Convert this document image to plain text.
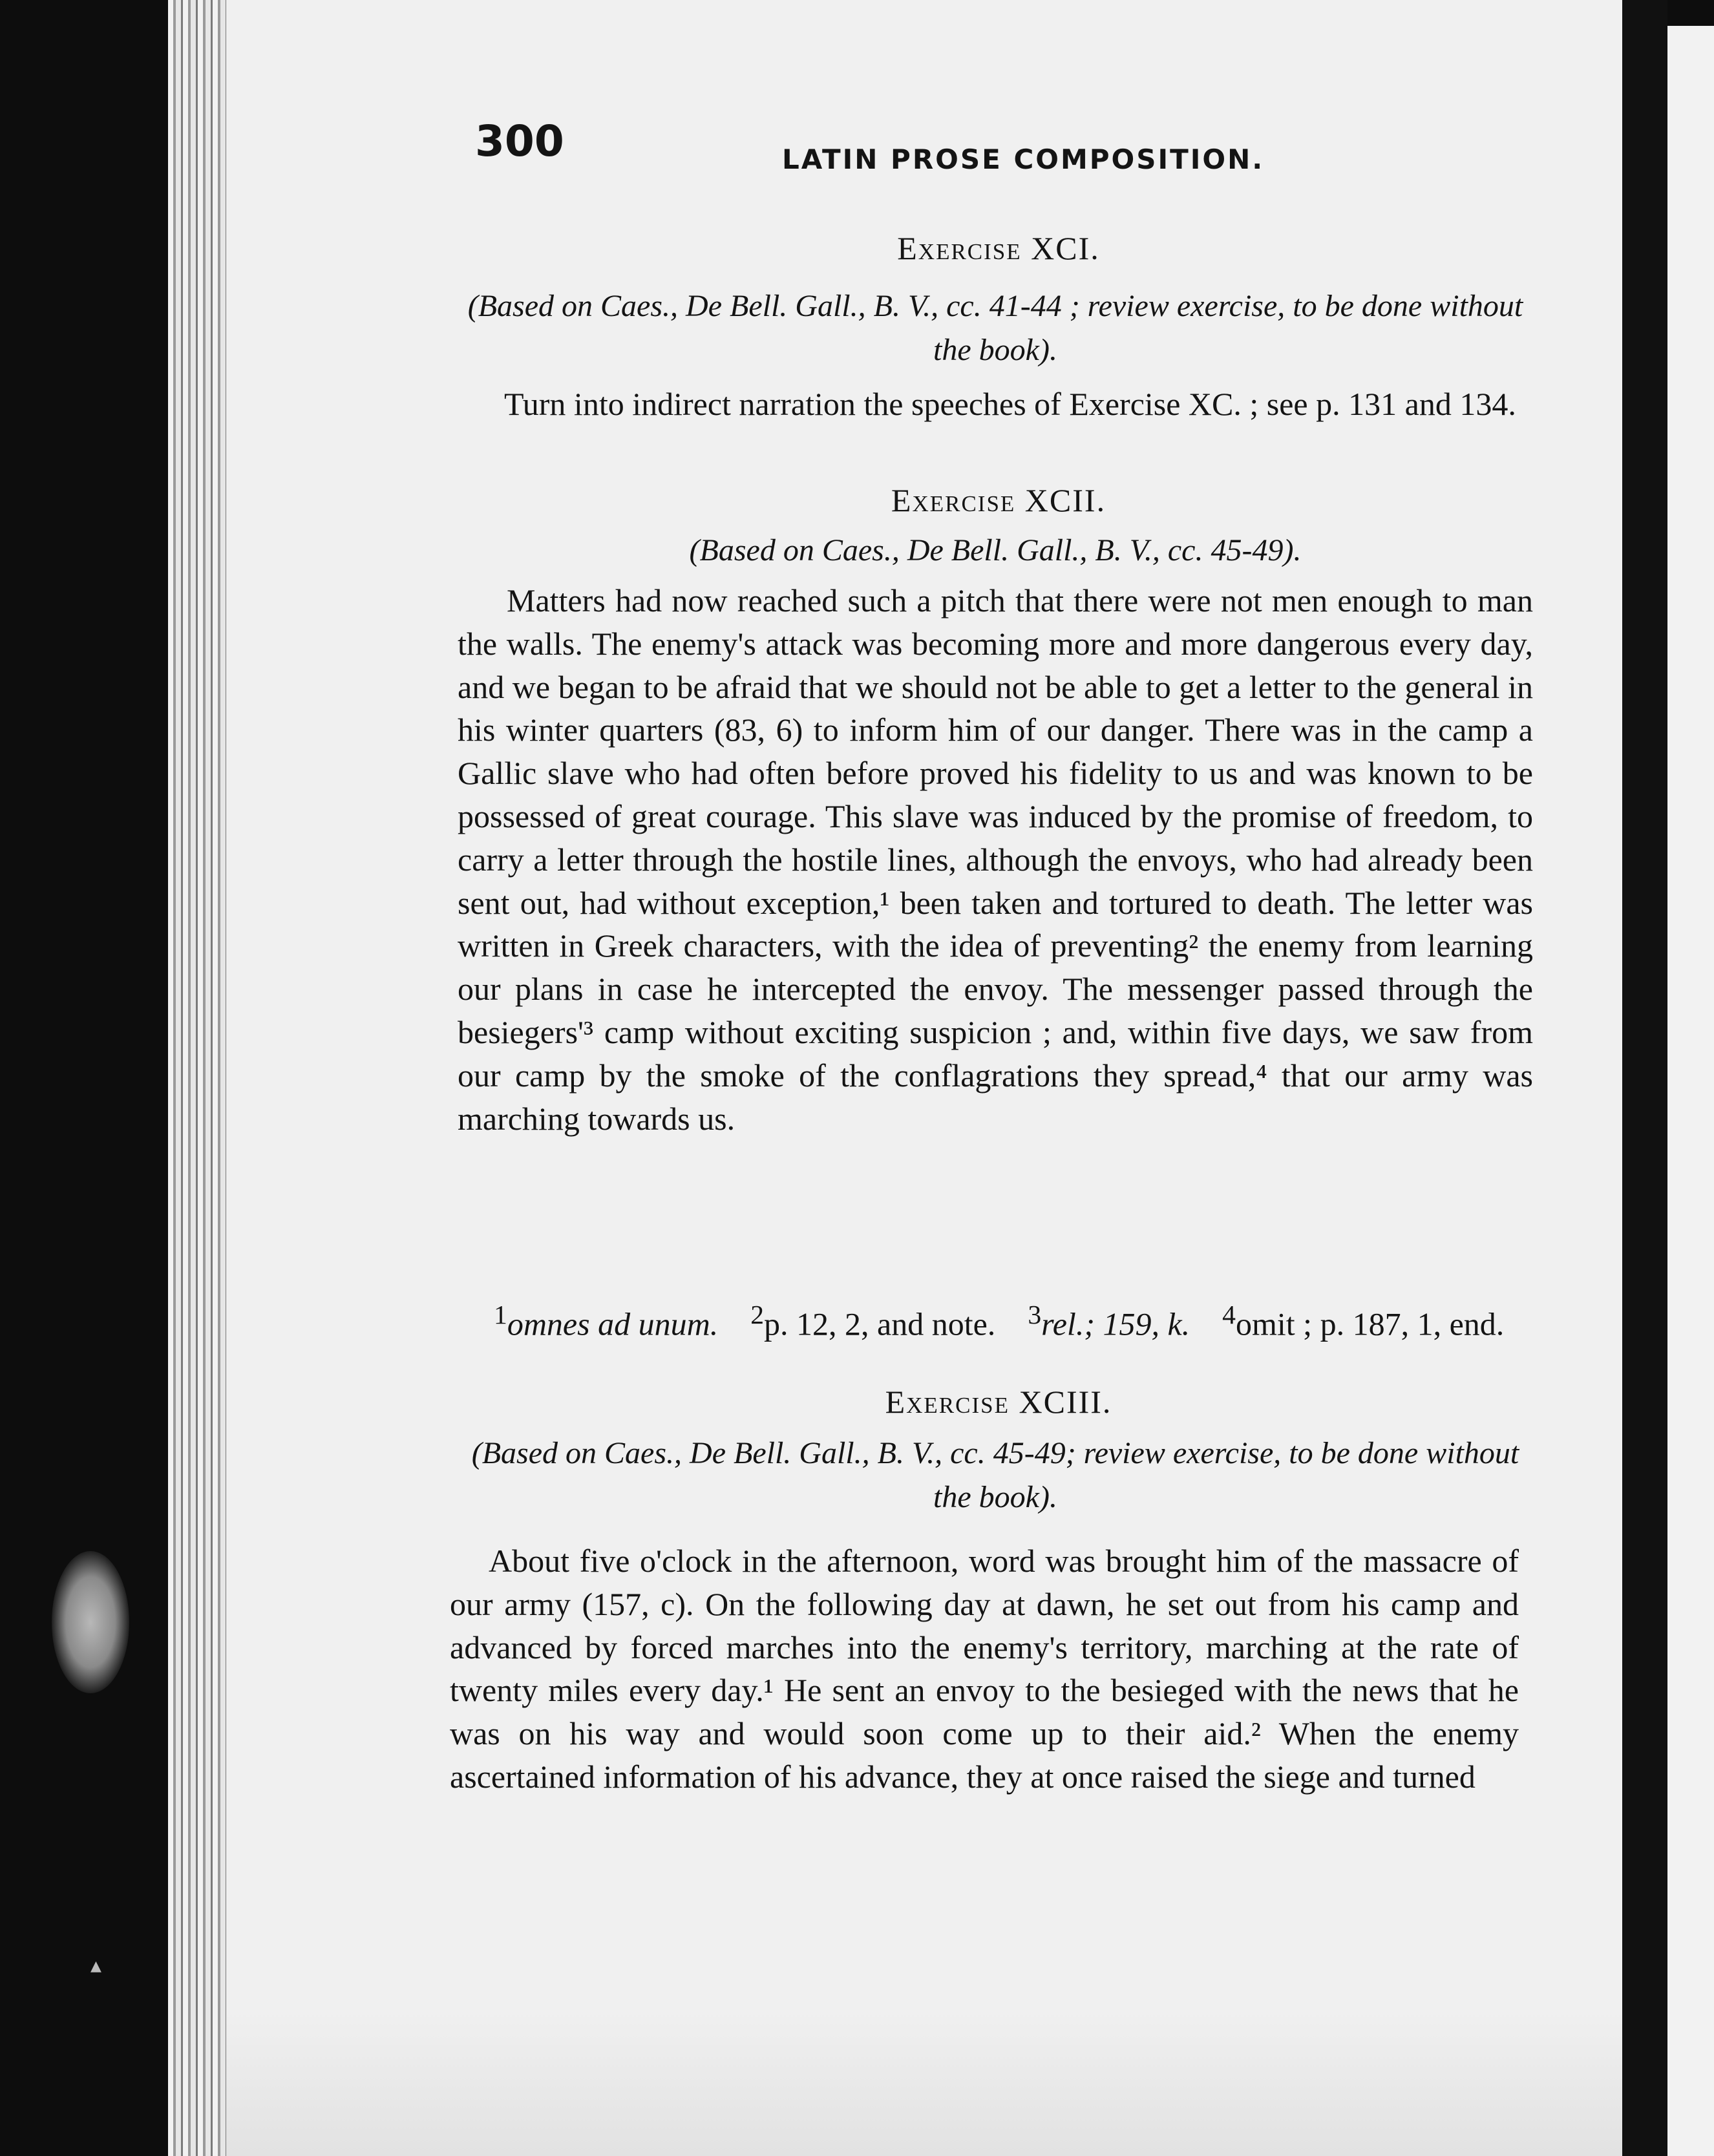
▲
300	LATIN PROSE COMPOSITION.
Exercise XCI.
(Based on Caes., De Bell. Gall., B. V., cc. 41-44 ; review exercise, to be done without the book).
Turn into indirect narration the speeches of Exercise XC. ; see p. 131 and 134.
Exercise XCII.
(Based on Caes., De Bell. Gall., B. V., cc. 45-49).
Matters had now reached such a pitch that there were not men enough to man the walls. The enemy's attack was becoming more and more dangerous every day, and we began to be afraid that we should not be able to get a letter to the general in his winter quarters (83, 6) to inform him of our danger. There was in the camp a Gallic slave who had often before proved his fidelity to us and was known to be possessed of great courage. This slave was induced by the promise of freedom, to carry a letter through the hostile lines, although the envoys, who had already been sent out, had without exception,¹ been taken and tortured to death. The letter was written in Greek characters, with the idea of preventing² the enemy from learning our plans in case he intercepted the envoy. The messenger passed through the besiegers'³ camp without exciting suspicion ; and, within five days, we saw from our camp by the smoke of the conflagrations they spread,⁴ that our army was marching towards us.
$^1$omnes ad unum.  $^2$p. 12, 2, and note.  $^3$rel.; 159, k.  $^4$omit ; p. 187, 1, end.
Exercise XCIII.
(Based on Caes., De Bell. Gall., B. V., cc. 45-49; review exercise, to be done without the book).
About five o'clock in the afternoon, word was brought him of the massacre of our army (157, c). On the following day at dawn, he set out from his camp and advanced by forced marches into the enemy's territory, marching at the rate of twenty miles every day.¹ He sent an envoy to the besieged with the news that he was on his way and would soon come up to their aid.² When the enemy ascertained information of his advance, they at once raised the siege and turned
